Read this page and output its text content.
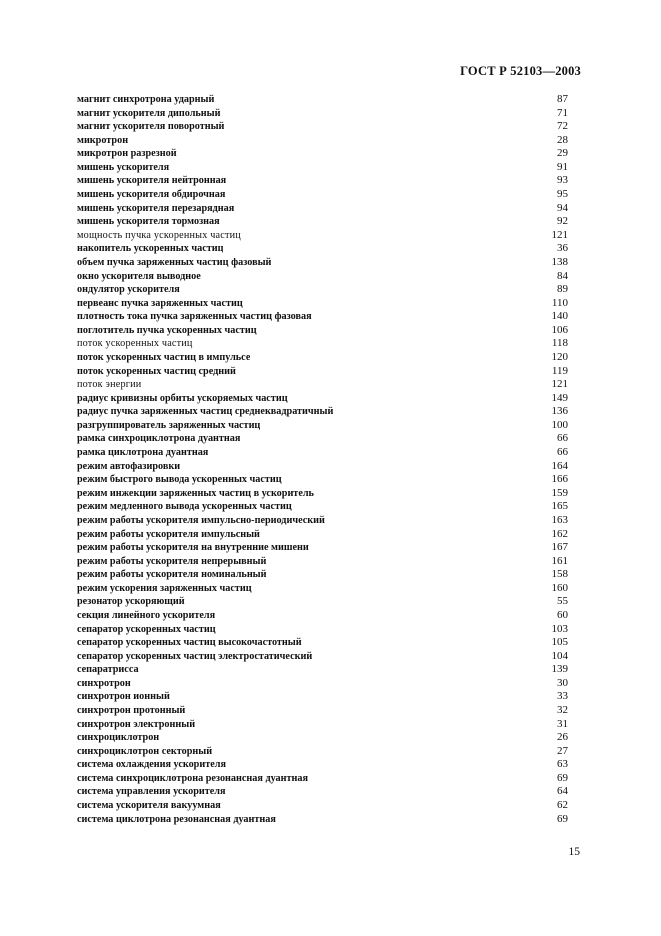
ГОСТ Р 52103—2003
магнит синхротрона ударный	87
магнит ускорителя дипольный	71
магнит ускорителя поворотный	72
микротрон	28
микротрон разрезной	29
мишень ускорителя	91
мишень ускорителя нейтронная	93
мишень ускорителя обдирочная	95
мишень ускорителя перезарядная	94
мишень ускорителя тормозная	92
мощность пучка ускоренных частиц	121
накопитель ускоренных частиц	36
объем пучка заряженных частиц фазовый	138
окно ускорителя выводное	84
ондулятор ускорителя	89
первеанс пучка заряженных частиц	110
плотность тока пучка заряженных частиц фазовая	140
поглотитель пучка ускоренных частиц	106
поток ускоренных частиц	118
поток ускоренных частиц в импульсе	120
поток ускоренных частиц средний	119
поток энергии	121
радиус кривизны орбиты ускоряемых частиц	149
радиус пучка заряженных частиц среднеквадратичный	136
разгруппирователь заряженных частиц	100
рамка синхроциклотрона дуантная	66
рамка циклотрона дуантная	66
режим автофазировки	164
режим быстрого вывода ускоренных частиц	166
режим инжекции заряженных частиц в ускоритель	159
режим медленного вывода ускоренных частиц	165
режим работы ускорителя импульсно-периодический	163
режим работы ускорителя импульсный	162
режим работы ускорителя на внутренние мишени	167
режим работы ускорителя непрерывный	161
режим работы ускорителя номинальный	158
режим ускорения заряженных частиц	160
резонатор ускоряющий	55
секция линейного ускорителя	60
сепаратор ускоренных частиц	103
сепаратор ускоренных частиц высокочастотный	105
сепаратор ускоренных частиц электростатический	104
сепаратрисса	139
синхротрон	30
синхротрон ионный	33
синхротрон протонный	32
синхротрон электронный	31
синхроциклотрон	26
синхроциклотрон секторный	27
система охлаждения ускорителя	63
система синхроциклотрона резонансная дуантная	69
система управления ускорителя	64
система ускорителя вакуумная	62
система циклотрона резонансная дуантная	69
15
